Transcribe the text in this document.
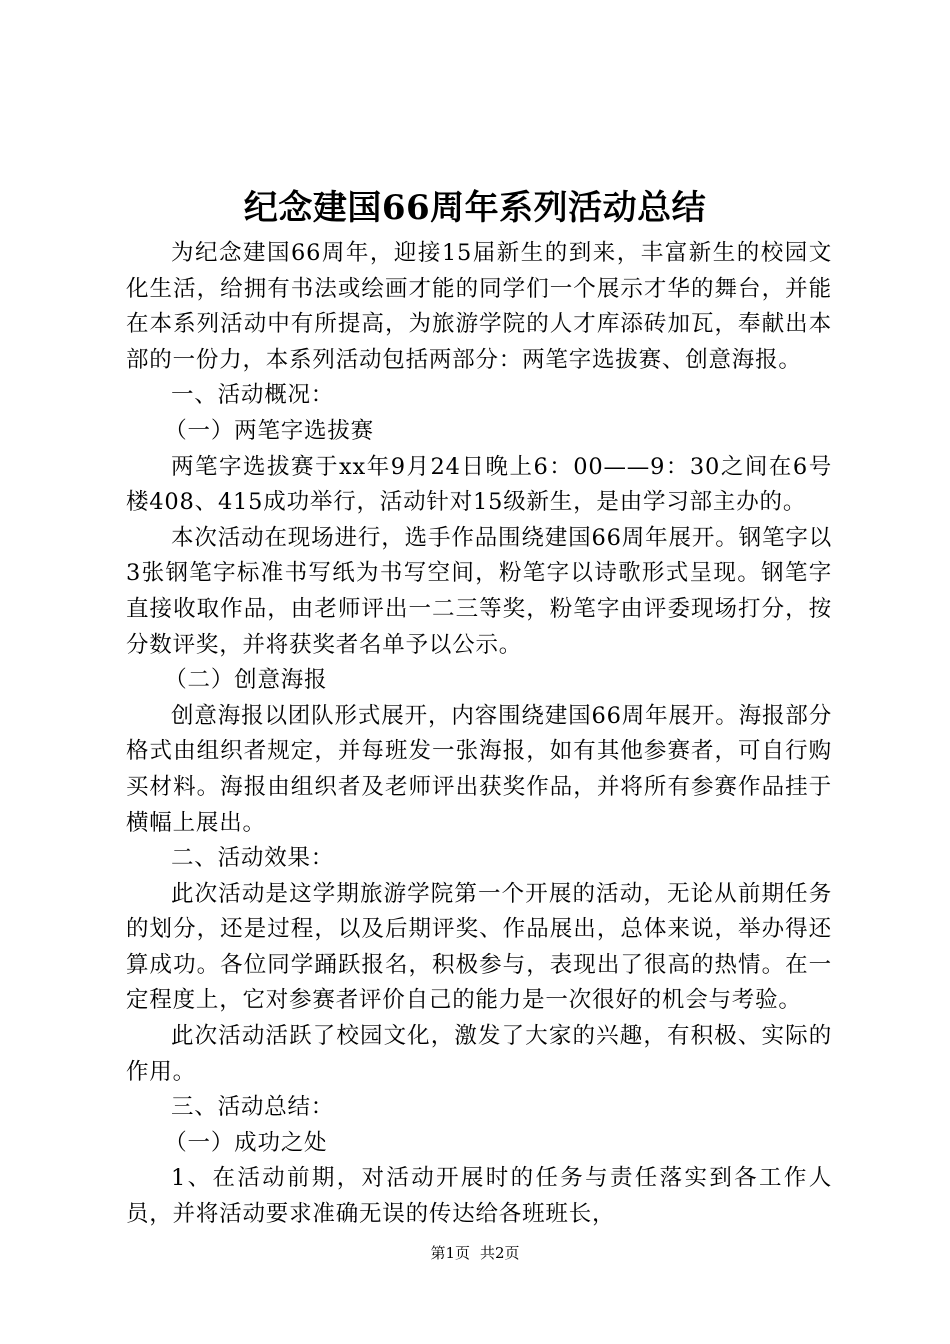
纪念建国66周年系列活动总结

为纪念建国66周年，迎接15届新生的到来，丰富新生的校园文化生活，给拥有书法或绘画才能的同学们一个展示才华的舞台，并能在本系列活动中有所提高，为旅游学院的人才库添砖加瓦，奉献出本部的一份力，本系列活动包括两部分：两笔字选拔赛、创意海报。

一、活动概况：

（一）两笔字选拔赛

两笔字选拔赛于xx年9月24日晚上6：00——9：30之间在6号楼408、415成功举行，活动针对15级新生，是由学习部主办的。

本次活动在现场进行，选手作品围绕建国66周年展开。钢笔字以3张钢笔字标准书写纸为书写空间，粉笔字以诗歌形式呈现。钢笔字直接收取作品，由老师评出一二三等奖，粉笔字由评委现场打分，按分数评奖，并将获奖者名单予以公示。

（二）创意海报

创意海报以团队形式展开，内容围绕建国66周年展开。海报部分格式由组织者规定，并每班发一张海报，如有其他参赛者，可自行购买材料。海报由组织者及老师评出获奖作品，并将所有参赛作品挂于横幅上展出。

二、活动效果：

此次活动是这学期旅游学院第一个开展的活动，无论从前期任务的划分，还是过程，以及后期评奖、作品展出，总体来说，举办得还算成功。各位同学踊跃报名，积极参与，表现出了很高的热情。在一定程度上，它对参赛者评价自己的能力是一次很好的机会与考验。

此次活动活跃了校园文化，激发了大家的兴趣，有积极、实际的作用。

三、活动总结：

（一）成功之处

1、在活动前期，对活动开展时的任务与责任落实到各工作人员，并将活动要求准确无误的传达给各班班长，

第1页 共2页
